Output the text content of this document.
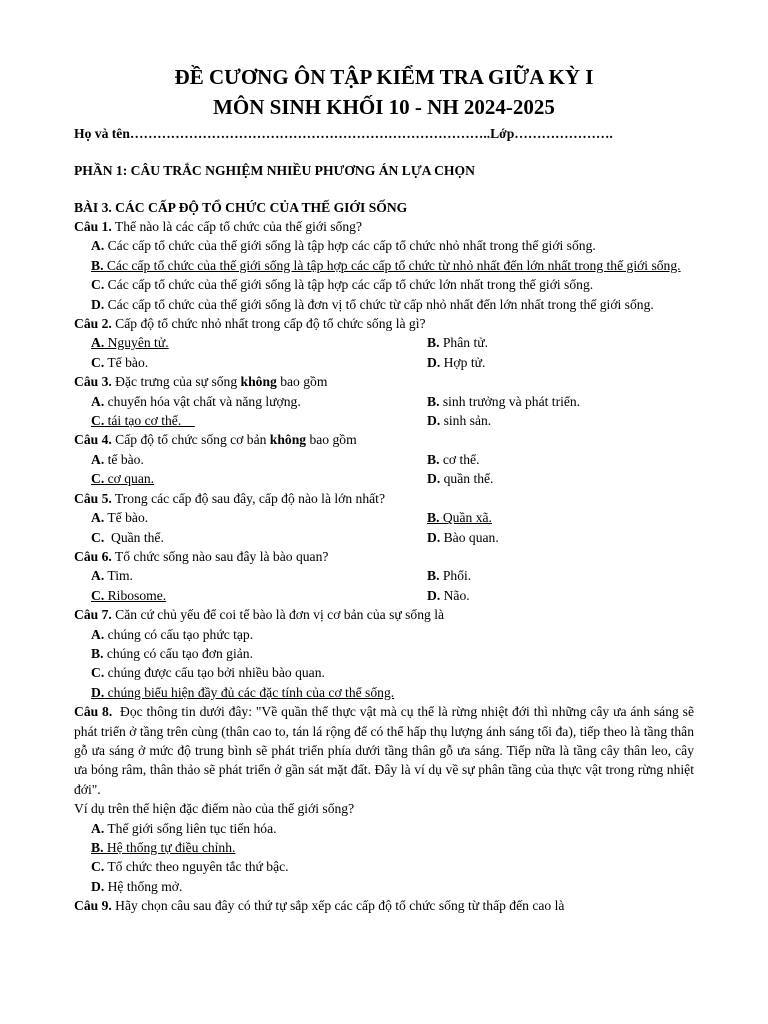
ĐỀ CƯƠNG ÔN TẬP KIỂM TRA GIỮA KỲ I
MÔN SINH KHỐI 10 - NH 2024-2025
Họ và tên……………………………………………………………………..Lớp………………….
PHẦN 1: CÂU TRẮC NGHIỆM NHIỀU PHƯƠNG ÁN LỰA CHỌN
BÀI 3. CÁC CẤP ĐỘ TỔ CHỨC CỦA THẾ GIỚI SỐNG
Câu 1. Thế nào là các cấp tổ chức của thế giới sống?
A. Các cấp tổ chức của thế giới sống là tập hợp các cấp tổ chức nhỏ nhất trong thế giới sống.
B. Các cấp tổ chức của thế giới sống là tập hợp các cấp tổ chức từ nhỏ nhất đến lớn nhất trong thế giới sống.
C. Các cấp tổ chức của thế giới sống là tập hợp các cấp tổ chức lớn nhất trong thế giới sống.
D. Các cấp tổ chức của thế giới sống là đơn vị tổ chức từ cấp nhỏ nhất đến lớn nhất trong thế giới sống.
Câu 2. Cấp độ tổ chức nhỏ nhất trong cấp độ tổ chức sống là gì?
A. Nguyên tử.	B. Phân tử.
C. Tế bào.	D. Hợp tử.
Câu 3. Đặc trưng của sự sống không bao gồm
A. chuyển hóa vật chất và năng lượng.	B. sinh trưởng và phát triển.
C. tái tạo cơ thể.	D. sinh sản.
Câu 4. Cấp độ tổ chức sống cơ bản không bao gồm
A. tế bào.	B. cơ thể.
C. cơ quan.	D. quần thể.
Câu 5. Trong các cấp độ sau đây, cấp độ nào là lớn nhất?
A. Tế bào.	B. Quần xã.
C.  Quần thể.	D. Bào quan.
Câu 6. Tổ chức sống nào sau đây là bào quan?
A. Tim.	B. Phổi.
C. Ribosome.	D. Não.
Câu 7. Căn cứ chủ yếu để coi tế bào là đơn vị cơ bản của sự sống là
A. chúng có cấu tạo phức tạp.
B. chúng có cấu tạo đơn giản.
C. chúng được cấu tạo bởi nhiều bào quan.
D. chúng biểu hiện đầy đủ các đặc tính của cơ thể sống.
Câu 8.  Đọc thông tin dưới đây: "Về quần thể thực vật mà cụ thể là rừng nhiệt đới thì những cây ưa ánh sáng sẽ phát triển ở tầng trên cùng (thân cao to, tán lá rộng để có thể hấp thụ lượng ánh sáng tối đa), tiếp theo là tầng thân gỗ ưa sáng ở mức độ trung bình sẽ phát triển phía dưới tầng thân gỗ ưa sáng. Tiếp nữa là tầng cây thân leo, cây ưa bóng râm, thân thảo sẽ phát triển ở gần sát mặt đất. Đây là ví dụ về sự phân tầng của thực vật trong rừng nhiệt đới".
Ví dụ trên thể hiện đặc điểm nào của thế giới sống?
A. Thế giới sống liên tục tiến hóa.
B. Hệ thống tự điều chỉnh.
C. Tổ chức theo nguyên tắc thứ bậc.
D. Hệ thống mở.
Câu 9. Hãy chọn câu sau đây có thứ tự sắp xếp các cấp độ tổ chức sống từ thấp đến cao là
